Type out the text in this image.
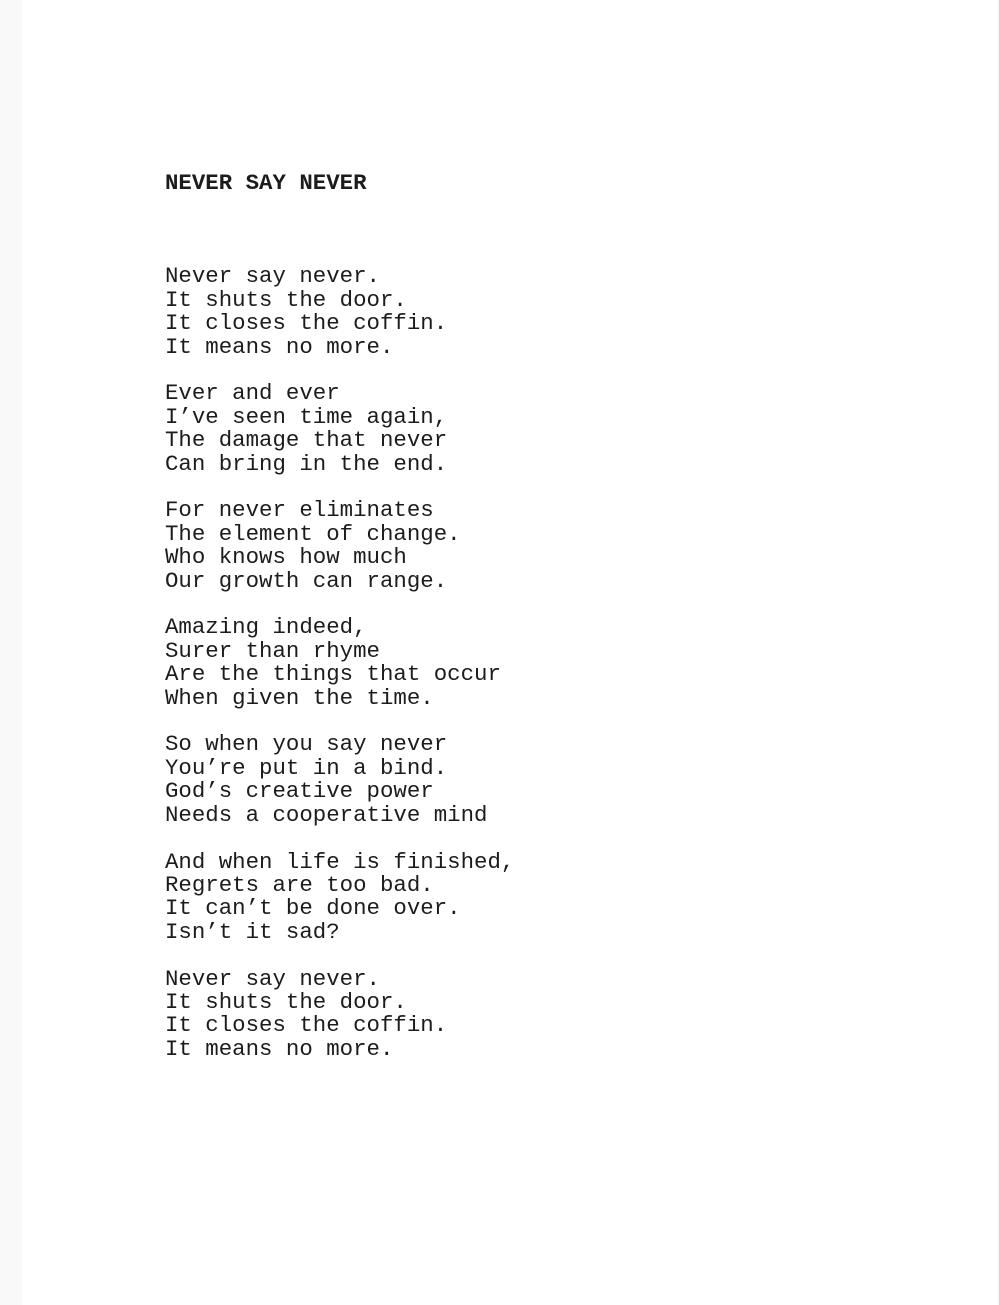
NEVER SAY NEVER

Never say never.
It shuts the door.
It closes the coffin.
It means no more.
Ever and ever
I’ve seen time again,
The damage that never
Can bring in the end.
For never eliminates
The element of change.
Who knows how much
Our growth can range.
Amazing indeed,
Surer than rhyme
Are the things that occur
When given the time.
So when you say never
You’re put in a bind.
God’s creative power
Needs a cooperative mind
And when life is finished,
Regrets are too bad.
It can’t be done over.
Isn’t it sad?
Never say never.
It shuts the door.
It closes the coffin.
It means no more.
